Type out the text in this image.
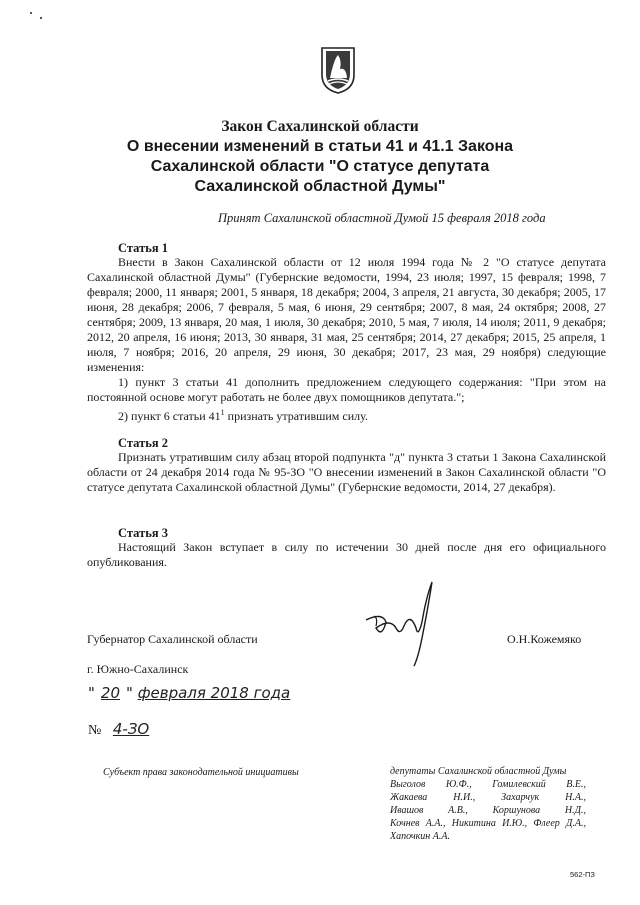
Закон Сахалинской области
О внесении изменений в статьи 41 и 41.1 Закона
Сахалинской области "О статусе депутата
Сахалинской областной Думы"
Принят Сахалинской областной Думой 15 февраля 2018 года
Статья 1
Внести в Закон Сахалинской области от 12 июля 1994 года № 2 "О статусе депутата Сахалинской областной Думы" (Губернские ведомости, 1994, 23 июля; 1997, 15 февраля; 1998, 7 февраля; 2000, 11 января; 2001, 5 января, 18 декабря; 2004, 3 апреля, 21 августа, 30 декабря; 2005, 17 июня, 28 декабря; 2006, 7 февраля, 5 мая, 6 июня, 29 сентября; 2007, 8 мая, 24 октября; 2008, 27 сентября; 2009, 13 января, 20 мая, 1 июля, 30 декабря; 2010, 5 мая, 7 июля, 14 июля; 2011, 9 декабря; 2012, 20 апреля, 16 июня; 2013, 30 января, 31 мая, 25 сентября; 2014, 27 декабря; 2015, 25 апреля, 1 июля, 7 ноября; 2016, 20 апреля, 29 июня, 30 декабря; 2017, 23 мая, 29 ноября) следующие изменения:
1) пункт 3 статьи 41 дополнить предложением следующего содержания: "При этом на постоянной основе могут работать не более двух помощников депутата.";
2) пункт 6 статьи $41^1$ признать утратившим силу.
Статья 2
Признать утратившим силу абзац второй подпункта "д" пункта 3 статьи 1 Закона Сахалинской области от 24 декабря 2014 года № 95-ЗО "О внесении изменений в Закон Сахалинской области "О статусе депутата Сахалинской областной Думы" (Губернские ведомости, 2014, 27 декабря).
Статья 3
Настоящий Закон вступает в силу по истечении 30 дней после дня его официального опубликования.
Губернатор Сахалинской области	О.Н.Кожемяко
г. Южно-Сахалинск
" 20 " февраля 2018 года
№ 4-ЗО
Субъект права законодательной инициативы	депутаты Сахалинской областной Думы
Выголов Ю.Ф., Гомилевский В.Е.,
Жакаева Н.И., Захарчук Н.А.,
Ивашов А.В., Коршунова Н.Д.,
Кочнев А.А., Никитина И.Ю., Флеер Д.А.,
Хапочкин А.А.
562-ПЗ
